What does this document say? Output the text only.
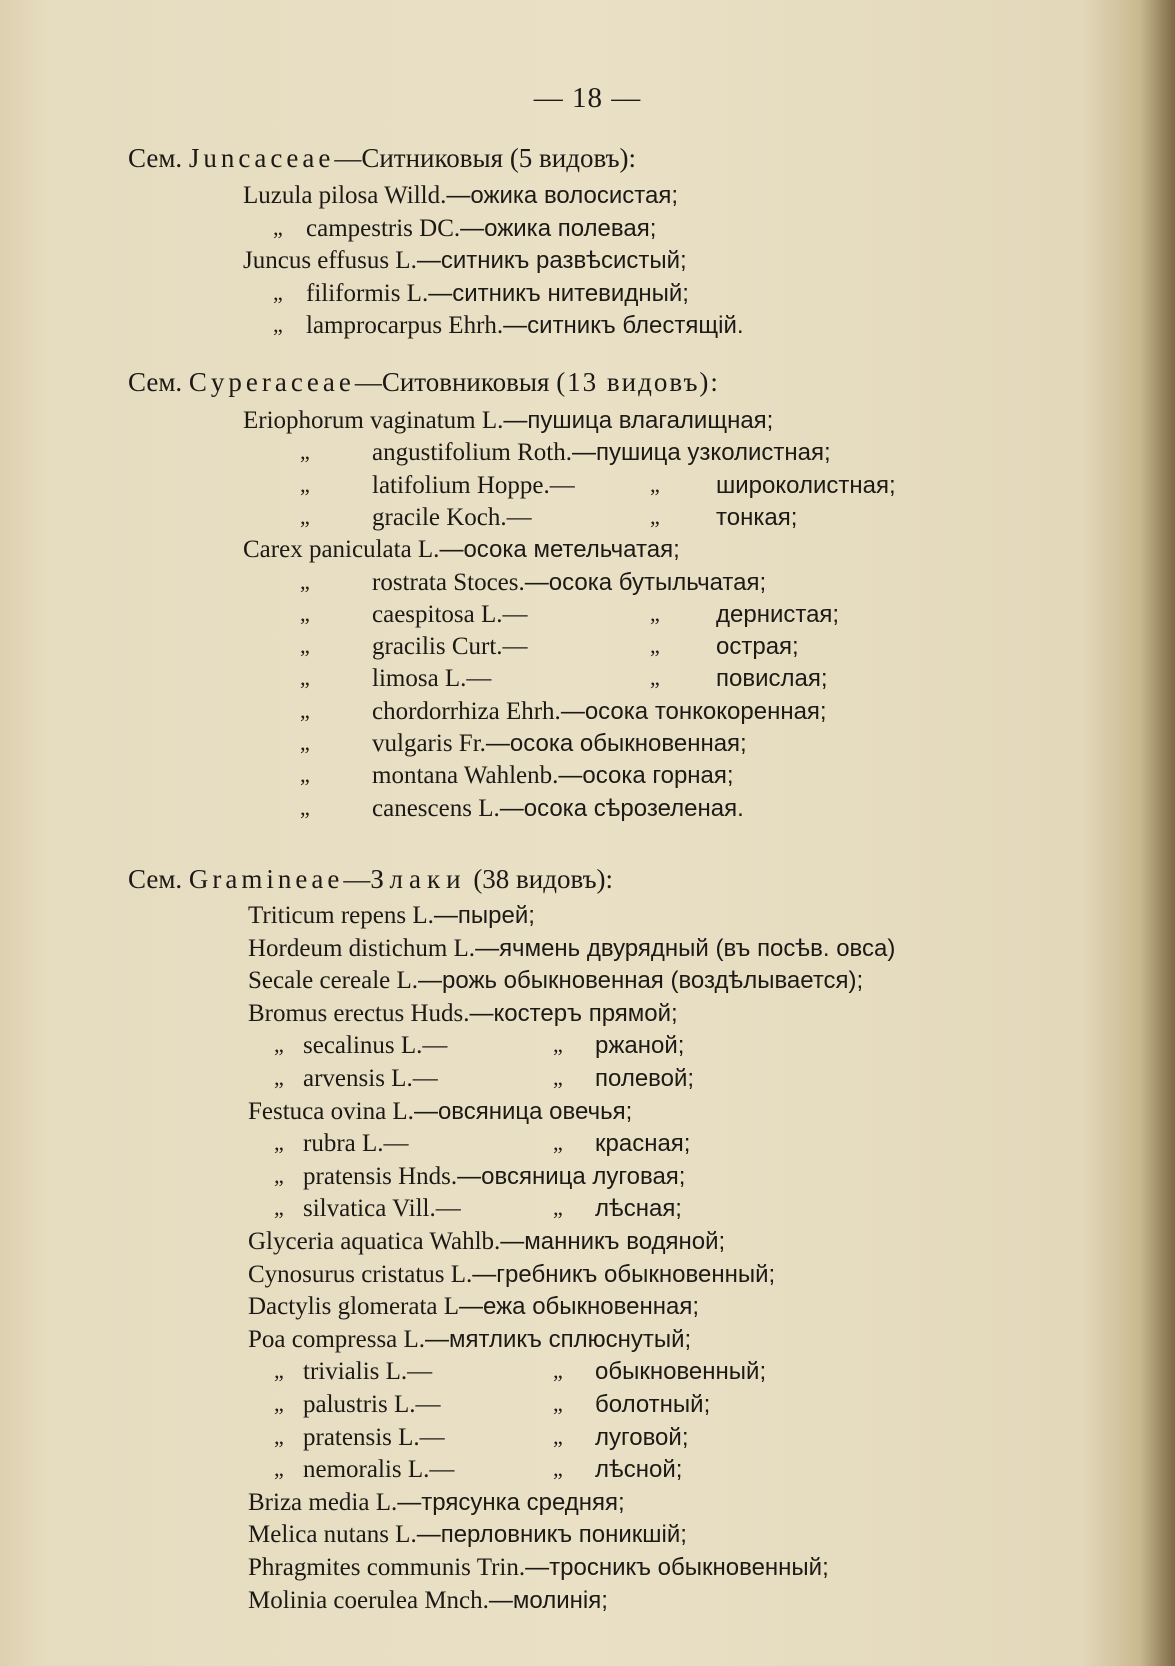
— 18 —
Сем. Juncaceae—Ситниковыя (5 видовъ):
Luzula pilosa Willd.—ожика волосистая;
„ campestris DC.—ожика полевая;
Juncus effusus L.—ситникъ развѣсистый;
„ filiformis L.—ситникъ нитевидный;
„ lamprocarpus Ehrh.—ситникъ блестящій.
Сем. Cyperaceae—Ситовниковыя (13 видовъ):
Eriophorum vaginatum L.—пушица влагалищная;
„ angustifolium Roth.—пушица узколистная;
„ latifolium Hoppe.—	„ широколистная;
„ gracile Koch.—	„ тонкая;
Carex paniculata L.—осока метельчатая;
„ rostrata Stoces.—осока бутыльчатая;
„ caespitosa L.—	„ дернистая;
„ gracilis Curt.—	„ острая;
„ limosa L.—	„ повислая;
„ chordorrhiza Ehrh.—осока тонкокоренная;
„ vulgaris Fr.—осока обыкновенная;
„ montana Wahlenb.—осока горная;
„ canescens L.—осока сѣрозеленая.
Сем. Gramineae—Злаки (38 видовъ):
Triticum repens L.—пырей;
Hordeum distichum L.—ячмень двурядный (въ посѣв. овса)
Secale cereale L.—рожь обыкновенная (воздѣлывается);
Bromus erectus Huds.—костеръ прямой;
„ secalinus L.—	„ ржаной;
„ arvensis L.—	„ полевой;
Festuca ovina L.—овсяница овечья;
„ rubra L.—	„ красная;
„ pratensis Hnds.—овсяница луговая;
„ silvatica Vill.—	„ лѣсная;
Glyceria aquatica Wahlb.—манникъ водяной;
Cynosurus cristatus L.—гребникъ обыкновенный;
Dactylis glomerata L—ежа обыкновенная;
Poa compressa L.—мятликъ сплюснутый;
„ trivialis L.—	„ обыкновенный;
„ palustris L.—	„ болотный;
„ pratensis L.—	„ луговой;
„ nemoralis L.—	„ лѣсной;
Briza media L.—трясунка средняя;
Melica nutans L.—перловникъ поникшій;
Phragmites communis Trin.—тросникъ обыкновенный;
Molinia coerulea Mnch.—молинія;
